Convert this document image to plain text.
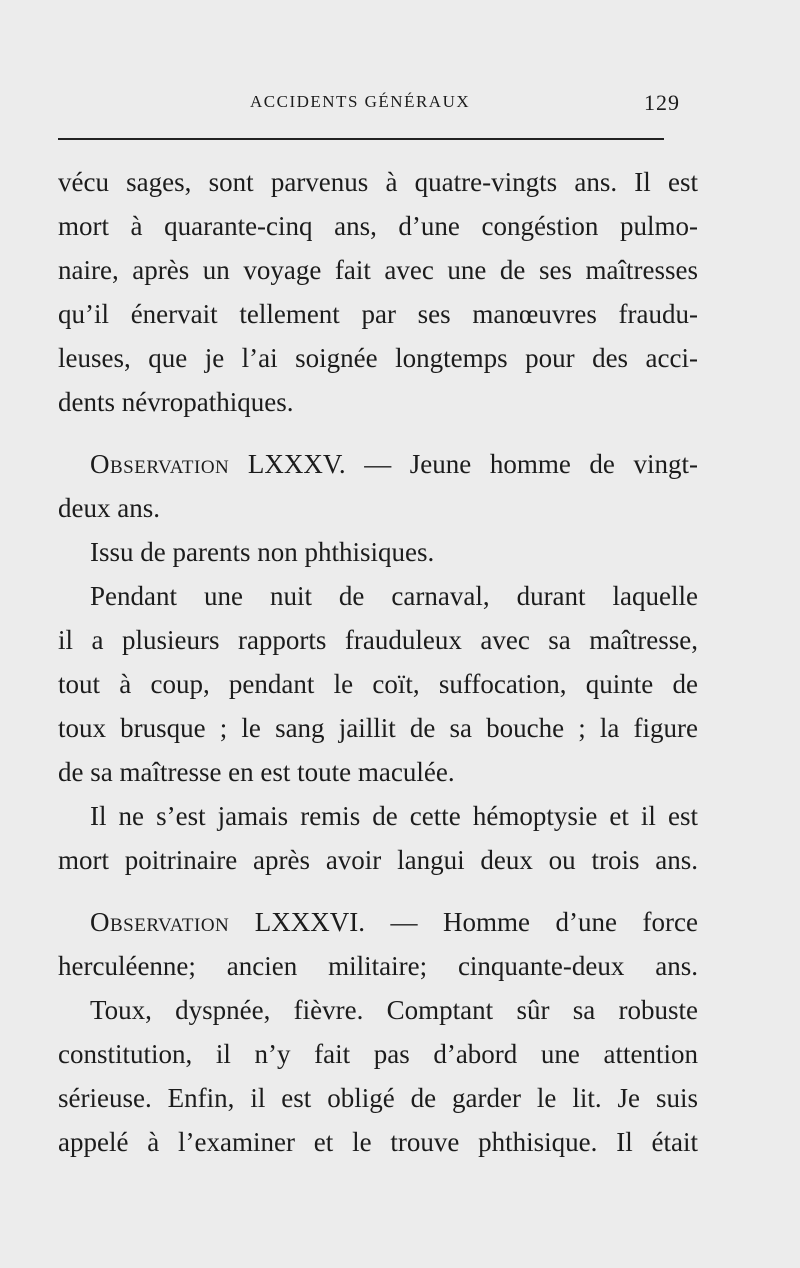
ACCIDENTS GÉNÉRAUX	129
vécu sages, sont parvenus à quatre-vingts ans. Il est
mort à quarante-cinq ans, d’une congéstion pulmo-
naire, après un voyage fait avec une de ses maîtresses
qu’il énervait tellement par ses manœuvres fraudu-
leuses, que je l’ai soignée longtemps pour des acci-
dents névropathiques.
Observation LXXXV. — Jeune homme de vingt-
deux ans.
Issu de parents non phthisiques.
Pendant une nuit de carnaval, durant laquelle
il a plusieurs rapports frauduleux avec sa maîtresse,
tout à coup, pendant le coït, suffocation, quinte de
toux brusque ; le sang jaillit de sa bouche ; la figure
de sa maîtresse en est toute maculée.
Il ne s’est jamais remis de cette hémoptysie et il est
mort poitrinaire après avoir langui deux ou trois ans.
Observation LXXXVI. — Homme d’une force
herculéenne; ancien militaire; cinquante-deux ans.
Toux, dyspnée, fièvre. Comptant sûr sa robuste
constitution, il n’y fait pas d’abord une attention
sérieuse. Enfin, il est obligé de garder le lit. Je suis
appelé à l’examiner et le trouve phthisique. Il était
